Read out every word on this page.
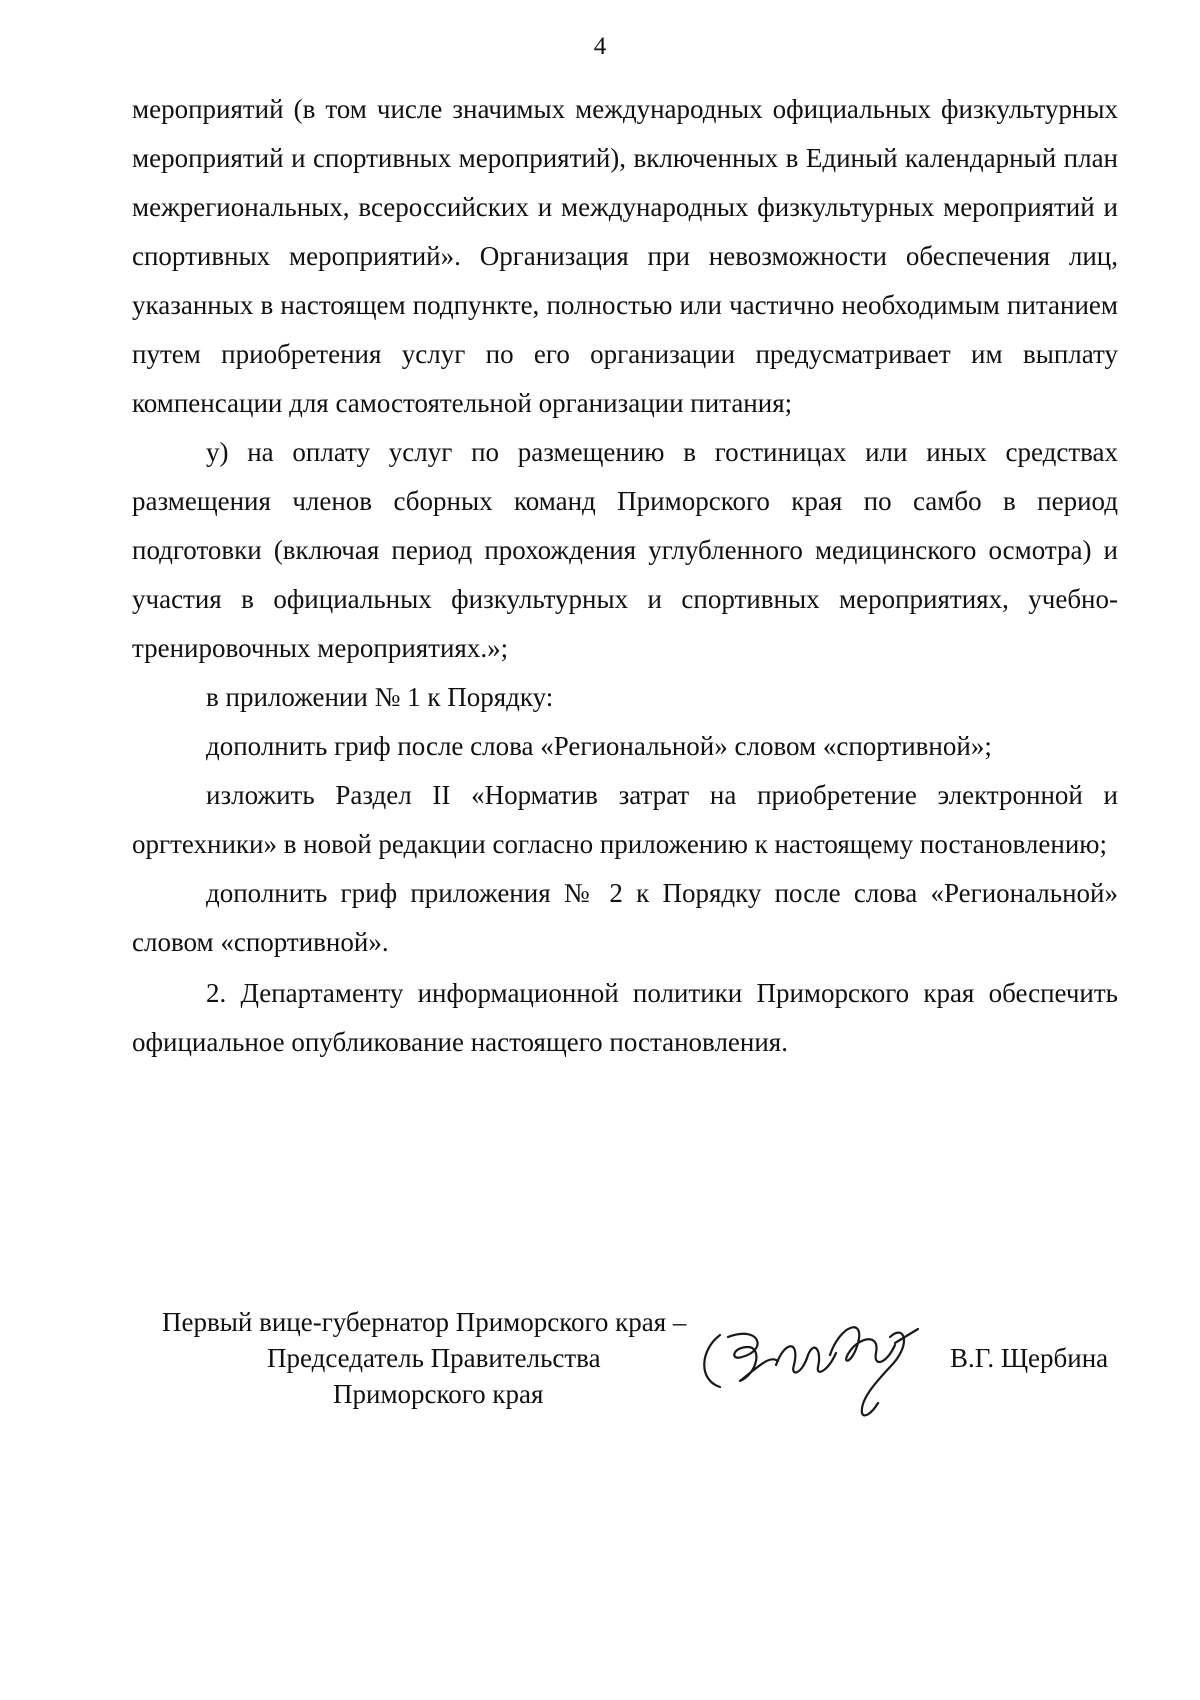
4

мероприятий (в том числе значимых международных официальных физкультурных мероприятий и спортивных мероприятий), включенных в Единый календарный план межрегиональных, всероссийских и международных физкультурных мероприятий и спортивных мероприятий». Организация при невозможности обеспечения лиц, указанных в настоящем подпункте, полностью или частично необходимым питанием путем приобретения услуг по его организации предусматривает им выплату компенсации для самостоятельной организации питания;

у) на оплату услуг по размещению в гостиницах или иных средствах размещения членов сборных команд Приморского края по самбо в период подготовки (включая период прохождения углубленного медицинского осмотра) и участия в официальных физкультурных и спортивных мероприятиях, учебно-тренировочных мероприятиях.»;

в приложении № 1 к Порядку:

дополнить гриф после слова «Региональной» словом «спортивной»;

изложить Раздел II «Норматив затрат на приобретение электронной и оргтехники» в новой редакции согласно приложению к настоящему постановлению;

дополнить гриф приложения № 2 к Порядку после слова «Региональной» словом «спортивной».

2. Департаменту информационной политики Приморского края обеспечить официальное опубликование настоящего постановления.

Первый вице-губернатор Приморского края –
Председатель Правительства
Приморского края
В.Г. Щербина
